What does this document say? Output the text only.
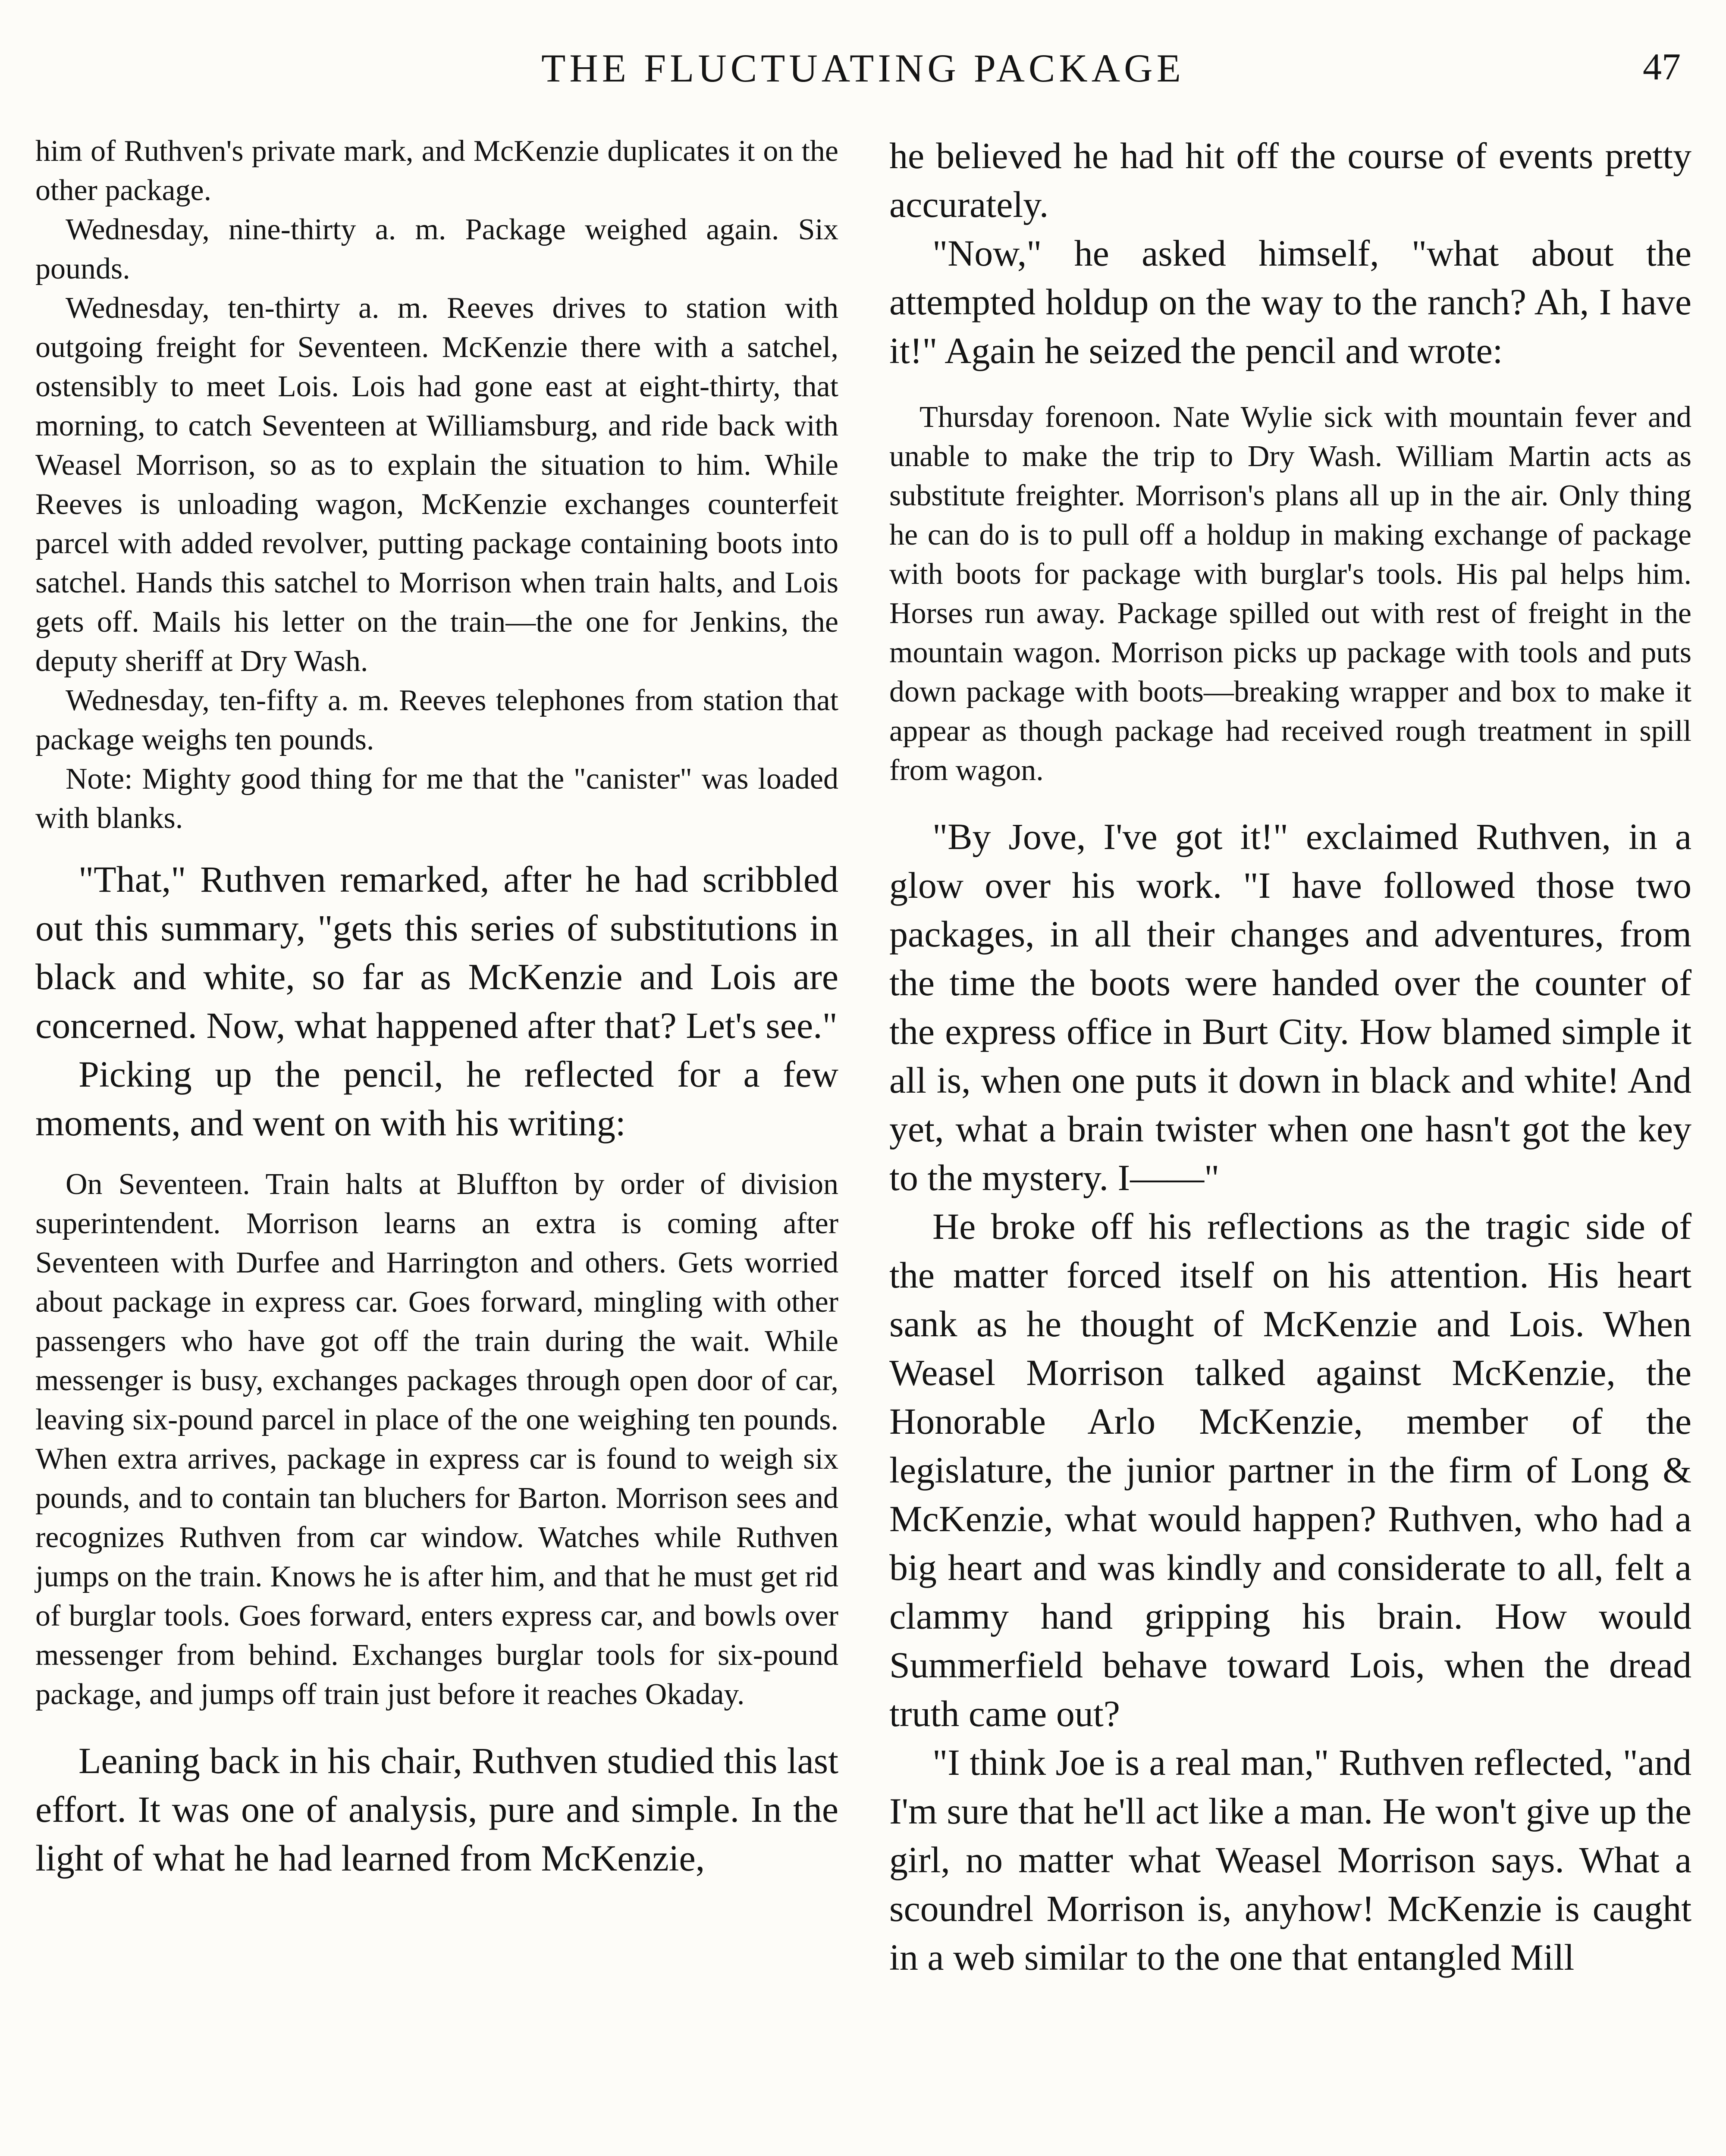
THE FLUCTUATING PACKAGE	47

him of Ruthven's private mark, and McKenzie duplicates it on the other package.

Wednesday, nine-thirty a. m. Package weighed again. Six pounds.

Wednesday, ten-thirty a. m. Reeves drives to station with outgoing freight for Seventeen. McKenzie there with a satchel, ostensibly to meet Lois. Lois had gone east at eight-thirty, that morning, to catch Seventeen at Williamsburg, and ride back with Weasel Morrison, so as to explain the situation to him. While Reeves is unloading wagon, McKenzie exchanges counterfeit parcel with added revolver, putting package containing boots into satchel. Hands this satchel to Morrison when train halts, and Lois gets off. Mails his letter on the train—the one for Jenkins, the deputy sheriff at Dry Wash.

Wednesday, ten-fifty a. m. Reeves telephones from station that package weighs ten pounds.

Note: Mighty good thing for me that the "canister" was loaded with blanks.

"That," Ruthven remarked, after he had scribbled out this summary, "gets this series of substitutions in black and white, so far as McKenzie and Lois are concerned. Now, what happened after that? Let's see."

Picking up the pencil, he reflected for a few moments, and went on with his writing:

On Seventeen. Train halts at Bluffton by order of division superintendent. Morrison learns an extra is coming after Seventeen with Durfee and Harrington and others. Gets worried about package in express car. Goes forward, mingling with other passengers who have got off the train during the wait. While messenger is busy, exchanges packages through open door of car, leaving six-pound parcel in place of the one weighing ten pounds. When extra arrives, package in express car is found to weigh six pounds, and to contain tan bluchers for Barton. Morrison sees and recognizes Ruthven from car window. Watches while Ruthven jumps on the train. Knows he is after him, and that he must get rid of burglar tools. Goes forward, enters express car, and bowls over messenger from behind. Exchanges burglar tools for six-pound package, and jumps off train just before it reaches Okaday.

Leaning back in his chair, Ruthven studied this last effort. It was one of analysis, pure and simple. In the light of what he had learned from McKenzie,

he believed he had hit off the course of events pretty accurately.

"Now," he asked himself, "what about the attempted holdup on the way to the ranch? Ah, I have it!" Again he seized the pencil and wrote:

Thursday forenoon. Nate Wylie sick with mountain fever and unable to make the trip to Dry Wash. William Martin acts as substitute freighter. Morrison's plans all up in the air. Only thing he can do is to pull off a holdup in making exchange of package with boots for package with burglar's tools. His pal helps him. Horses run away. Package spilled out with rest of freight in the mountain wagon. Morrison picks up package with tools and puts down package with boots—breaking wrapper and box to make it appear as though package had received rough treatment in spill from wagon.

"By Jove, I've got it!" exclaimed Ruthven, in a glow over his work. "I have followed those two packages, in all their changes and adventures, from the time the boots were handed over the counter of the express office in Burt City. How blamed simple it all is, when one puts it down in black and white! And yet, what a brain twister when one hasn't got the key to the mystery. I——"

He broke off his reflections as the tragic side of the matter forced itself on his attention. His heart sank as he thought of McKenzie and Lois. When Weasel Morrison talked against McKenzie, the Honorable Arlo McKenzie, member of the legislature, the junior partner in the firm of Long & McKenzie, what would happen? Ruthven, who had a big heart and was kindly and considerate to all, felt a clammy hand gripping his brain. How would Summerfield behave toward Lois, when the dread truth came out?

"I think Joe is a real man," Ruthven reflected, "and I'm sure that he'll act like a man. He won't give up the girl, no matter what Weasel Morrison says. What a scoundrel Morrison is, anyhow! McKenzie is caught in a web similar to the one that entangled Mill
